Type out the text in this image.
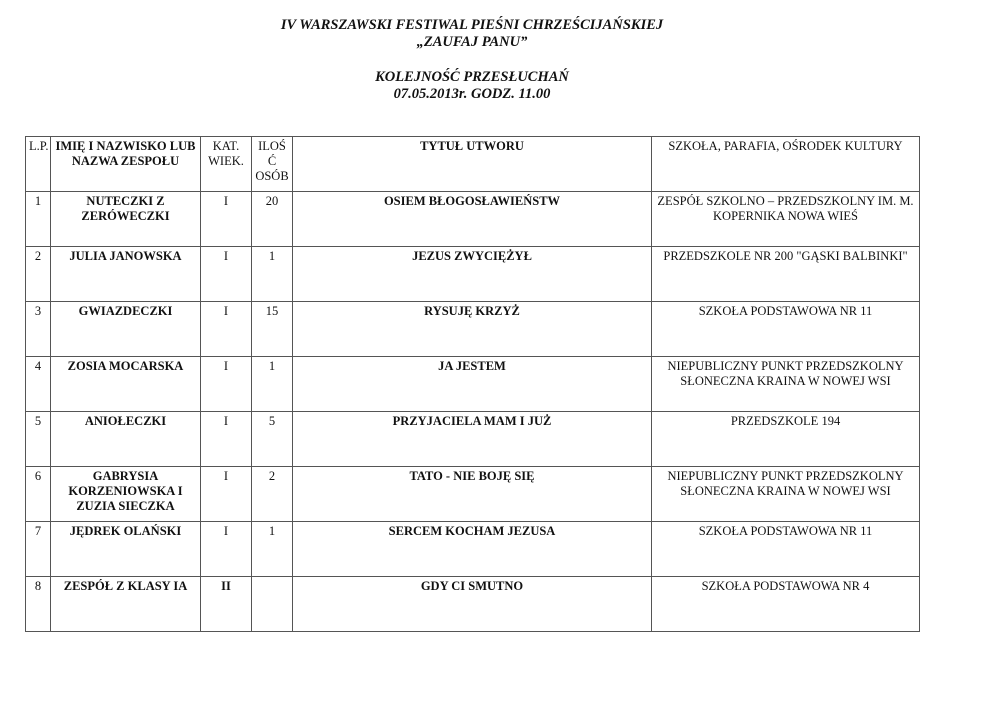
IV WARSZAWSKI FESTIWAL PIEŚNI CHRZEŚCIJAŃSKIEJ
„ZAUFAJ PANU”
KOLEJNOŚĆ PRZESŁUCHAŃ
07.05.2013r. GODZ. 11.00
L.P.	IMIĘ I NAZWISKO LUB NAZWA ZESPOŁU	KAT. WIEK.	ILOŚ Ć OSÓB	TYTUŁ UTWORU	SZKOŁA, PARAFIA, OŚRODEK KULTURY
1	NUTECZKI Z ZERÓWECZKI	I	20	OSIEM BŁOGOSŁAWIEŃSTW	ZESPÓŁ SZKOLNO – PRZEDSZKOLNY IM. M. KOPERNIKA NOWA WIEŚ
2	JULIA JANOWSKA	I	1	JEZUS ZWYCIĘŻYŁ	PRZEDSZKOLE NR 200 "GĄSKI BALBINKI"
3	GWIAZDECZKI	I	15	RYSUJĘ KRZYŻ	SZKOŁA PODSTAWOWA NR 11
4	ZOSIA MOCARSKA	I	1	JA JESTEM	NIEPUBLICZNY PUNKT PRZEDSZKOLNY SŁONECZNA KRAINA W NOWEJ WSI
5	ANIOŁECZKI	I	5	PRZYJACIELA MAM I JUŻ	PRZEDSZKOLE 194
6	GABRYSIA KORZENIOWSKA I ZUZIA SIECZKA	I	2	TATO - NIE BOJĘ SIĘ	NIEPUBLICZNY PUNKT PRZEDSZKOLNY SŁONECZNA KRAINA W NOWEJ WSI
7	JĘDREK OLAŃSKI	I	1	SERCEM KOCHAM JEZUSA	SZKOŁA PODSTAWOWA NR 11
8	ZESPÓŁ Z KLASY IA	II		GDY CI SMUTNO	SZKOŁA PODSTAWOWA NR 4
